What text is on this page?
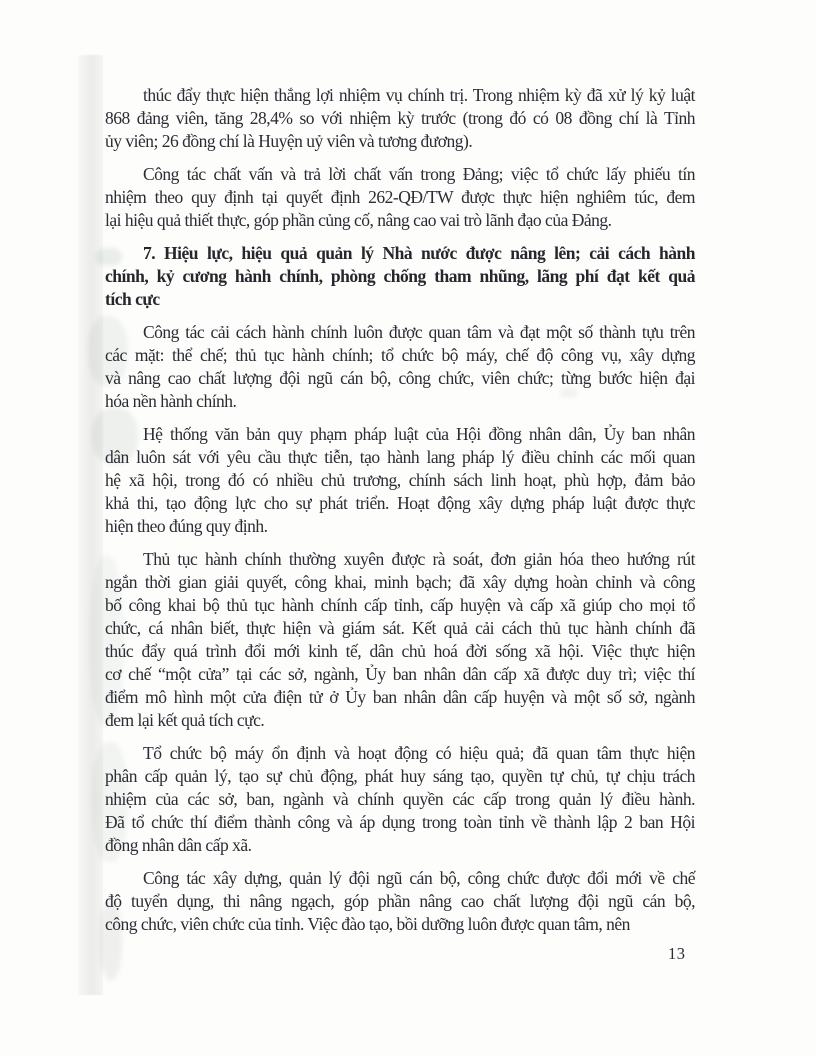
thúc đẩy thực hiện thắng lợi nhiệm vụ chính trị. Trong nhiệm kỳ đã xử lý kỷ luật
868 đảng viên, tăng 28,4% so với nhiệm kỳ trước (trong đó có 08 đồng chí là Tỉnh
ủy viên; 26 đồng chí là Huyện uỷ viên và tương đương).
Công tác chất vấn và trả lời chất vấn trong Đảng; việc tổ chức lấy phiếu tín
nhiệm theo quy định tại quyết định 262-QĐ/TW được thực hiện nghiêm túc, đem
lại hiệu quả thiết thực, góp phần củng cố, nâng cao vai trò lãnh đạo của Đảng.
7. Hiệu lực, hiệu quả quản lý Nhà nước được nâng lên; cải cách hành
chính, kỷ cương hành chính, phòng chống tham nhũng, lãng phí đạt kết quả
tích cực
Công tác cải cách hành chính luôn được quan tâm và đạt một số thành tựu trên
các mặt: thể chế; thủ tục hành chính; tổ chức bộ máy, chế độ công vụ, xây dựng
và nâng cao chất lượng đội ngũ cán bộ, công chức, viên chức; từng bước hiện đại
hóa nền hành chính.
Hệ thống văn bản quy phạm pháp luật của Hội đồng nhân dân, Ủy ban nhân
dân luôn sát với yêu cầu thực tiễn, tạo hành lang pháp lý điều chỉnh các mối quan
hệ xã hội, trong đó có nhiều chủ trương, chính sách linh hoạt, phù hợp, đảm bảo
khả thi, tạo động lực cho sự phát triển. Hoạt động xây dựng pháp luật được thực
hiện theo đúng quy định.
Thủ tục hành chính thường xuyên được rà soát, đơn giản hóa theo hướng rút
ngắn thời gian giải quyết, công khai, minh bạch; đã xây dựng hoàn chỉnh và công
bố công khai bộ thủ tục hành chính cấp tỉnh, cấp huyện và cấp xã giúp cho mọi tổ
chức, cá nhân biết, thực hiện và giám sát. Kết quả cải cách thủ tục hành chính đã
thúc đẩy quá trình đổi mới kinh tế, dân chủ hoá đời sống xã hội. Việc thực hiện
cơ chế “một cửa” tại các sở, ngành, Ủy ban nhân dân cấp xã được duy trì; việc thí
điểm mô hình một cửa điện tử ở Ủy ban nhân dân cấp huyện và một số sở, ngành
đem lại kết quả tích cực.
Tổ chức bộ máy ổn định và hoạt động có hiệu quả; đã quan tâm thực hiện
phân cấp quản lý, tạo sự chủ động, phát huy sáng tạo, quyền tự chủ, tự chịu trách
nhiệm của các sở, ban, ngành và chính quyền các cấp trong quản lý điều hành.
Đã tổ chức thí điểm thành công và áp dụng trong toàn tỉnh về thành lập 2 ban Hội
đồng nhân dân cấp xã.
Công tác xây dựng, quản lý đội ngũ cán bộ, công chức được đổi mới về chế
độ tuyển dụng, thi nâng ngạch, góp phần nâng cao chất lượng đội ngũ cán bộ,
công chức, viên chức của tỉnh. Việc đào tạo, bồi dưỡng luôn được quan tâm, nên
13
